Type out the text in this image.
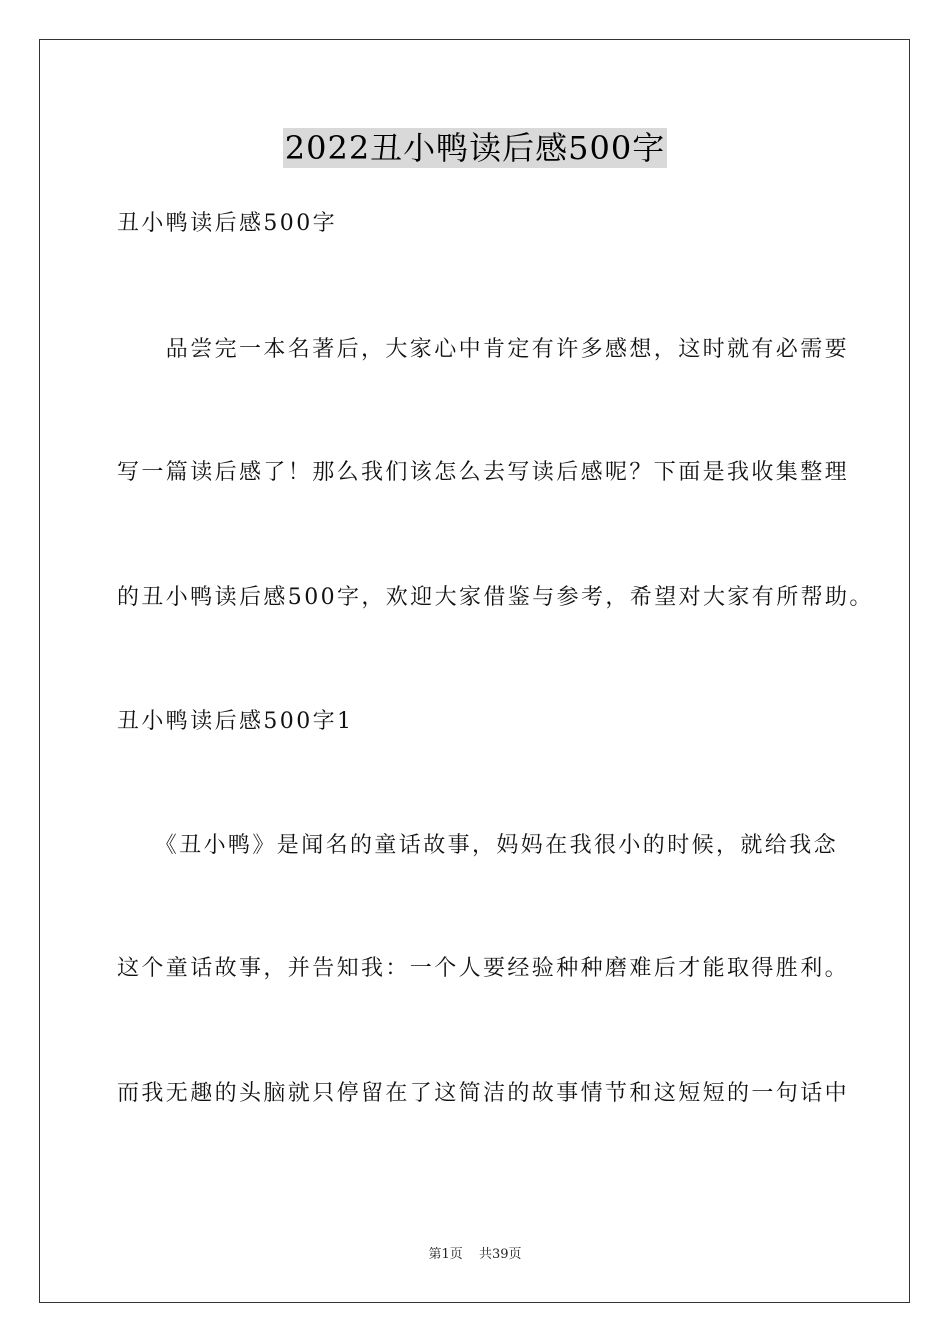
2022丑小鸭读后感500字
丑小鸭读后感500字
　　品尝完一本名著后，大家心中肯定有许多感想，这时就有必需要
写一篇读后感了！那么我们该怎么去写读后感呢？下面是我收集整理
的丑小鸭读后感500字，欢迎大家借鉴与参考，希望对大家有所帮助。
丑小鸭读后感500字1
　　《丑小鸭》是闻名的童话故事，妈妈在我很小的时候，就给我念
这个童话故事，并告知我：一个人要经验种种磨难后才能取得胜利。
而我无趣的头脑就只停留在了这简洁的故事情节和这短短的一句话中
第1页 共39页
